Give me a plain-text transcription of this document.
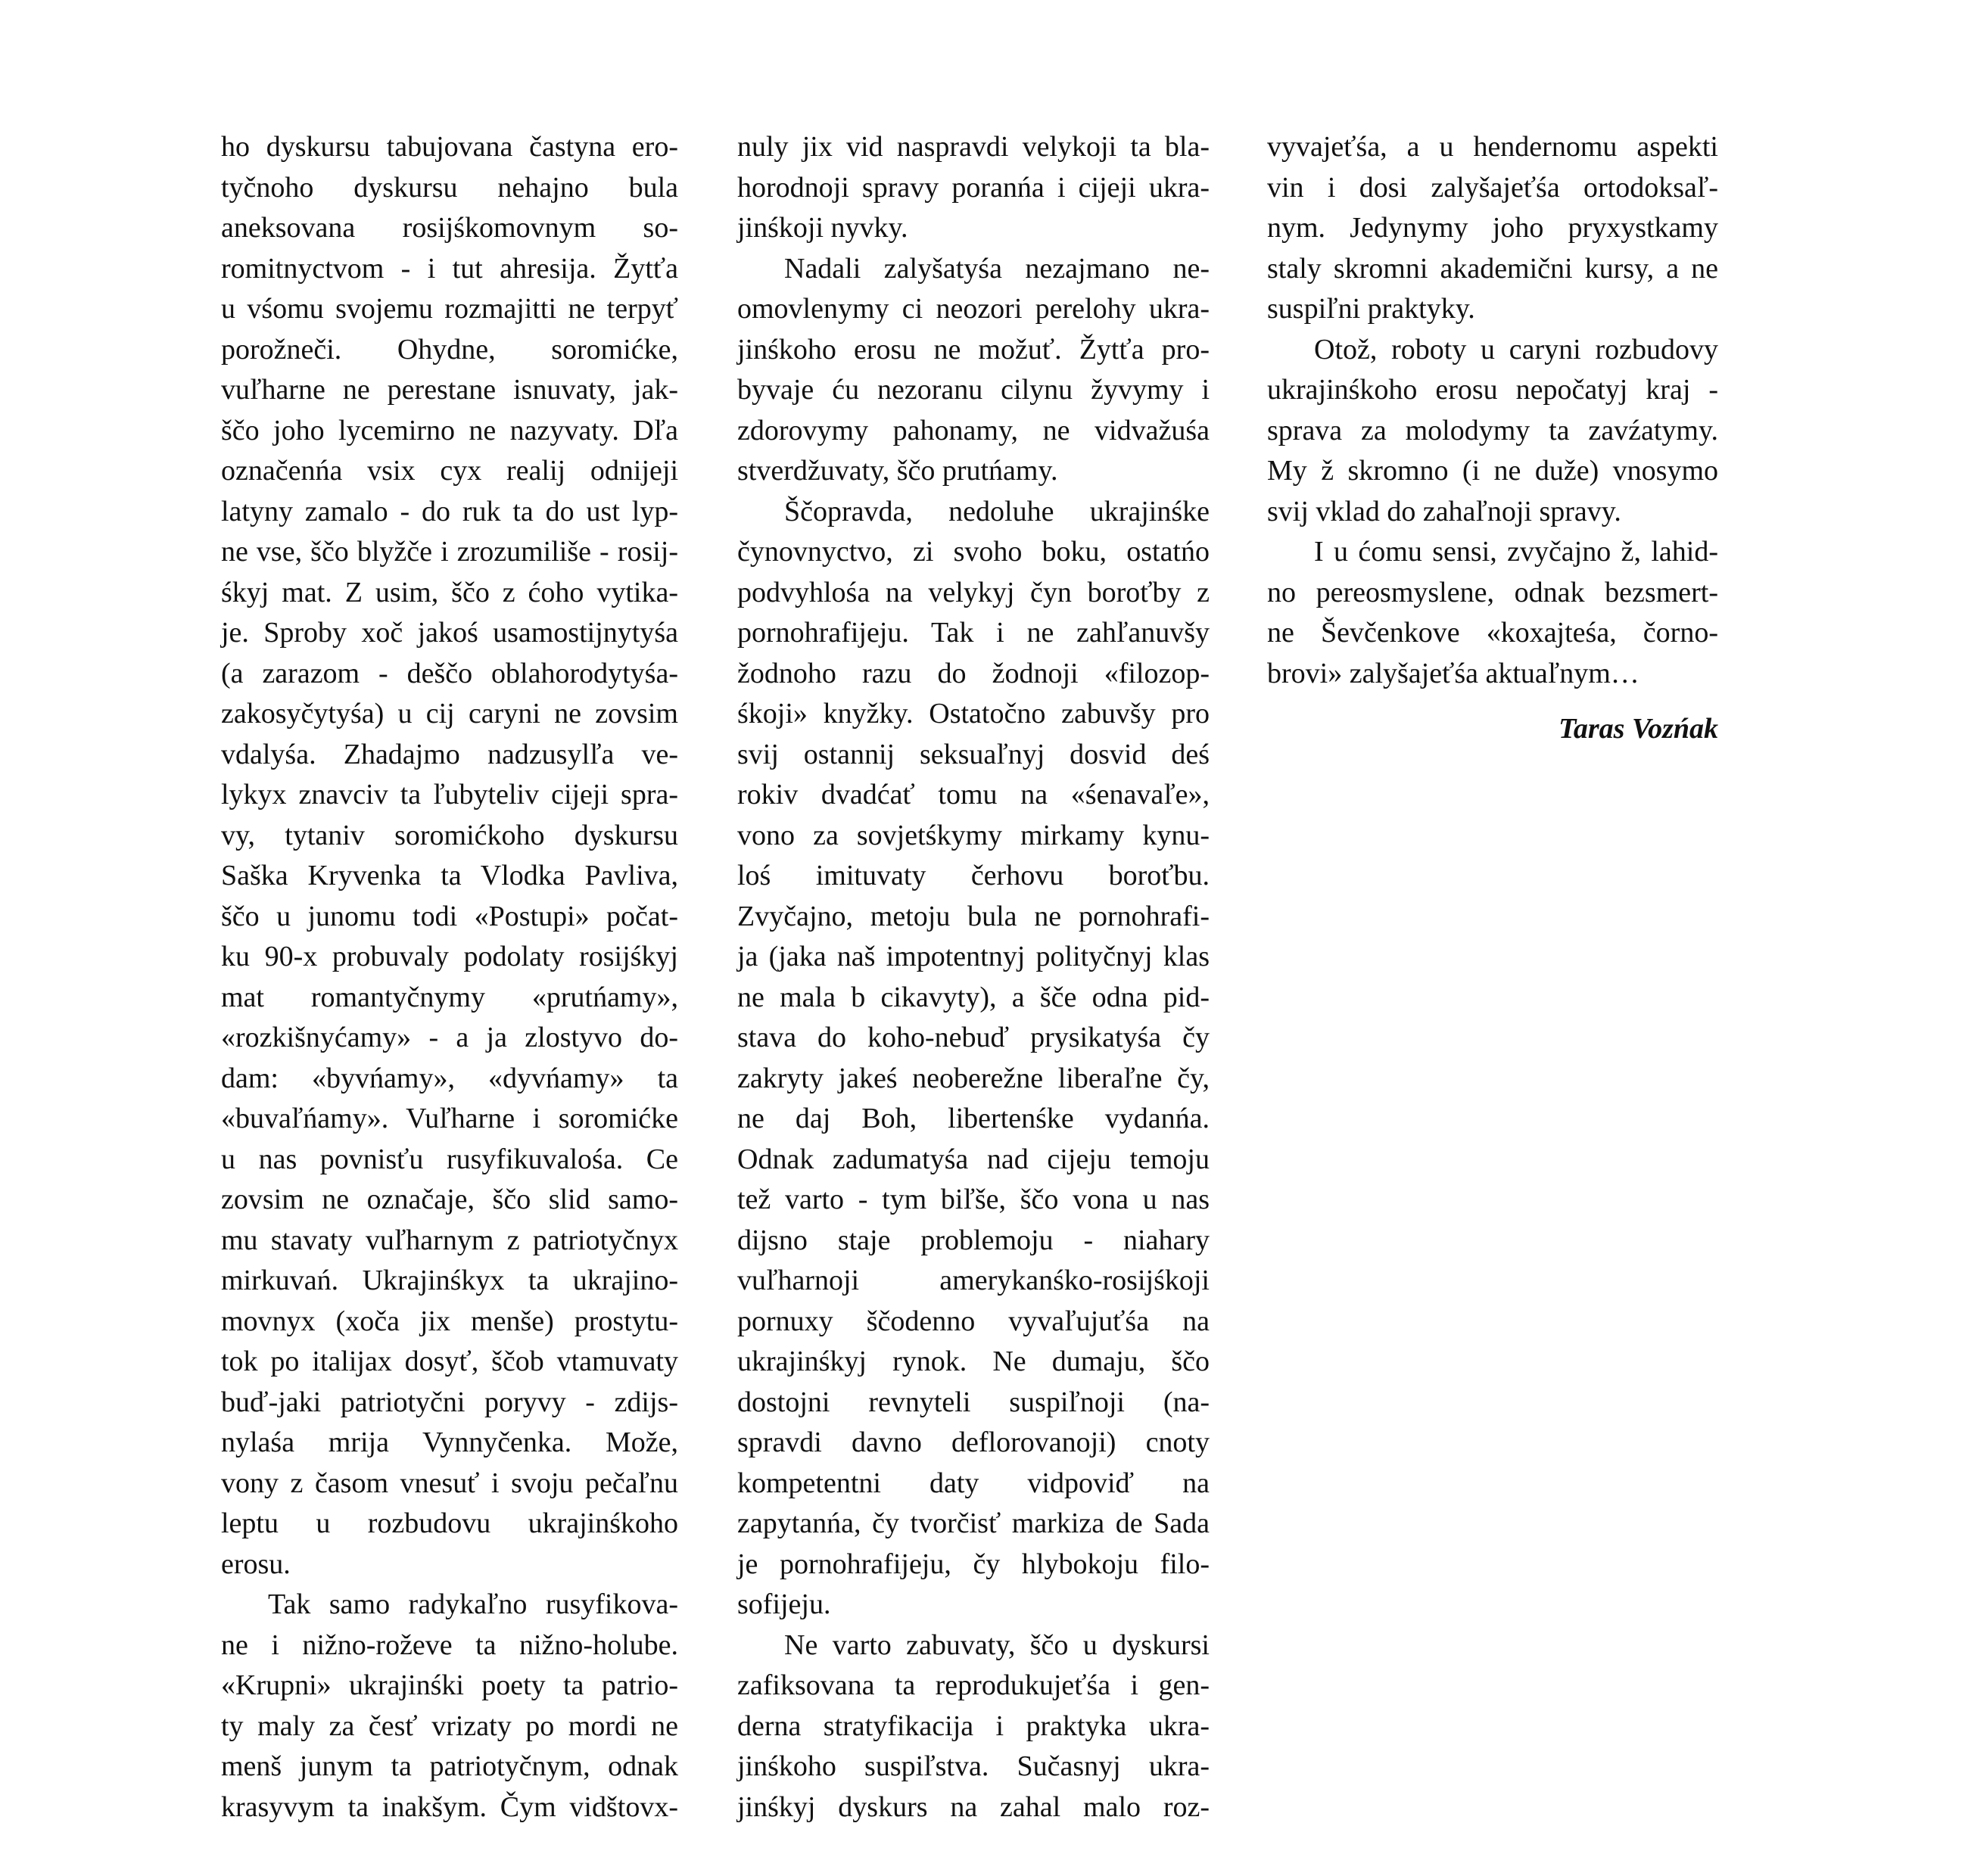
ho dyskursu tabujovana častyna ero-
tyčnoho dyskursu nehajno bula
aneksovana rosijśkomovnym so-
romitnyctvom - i tut ahresija. Žytťa
u vśomu svojemu rozmajitti ne terpyť
porožneči. Ohydne, soromićke,
vuľharne ne perestane isnuvaty, jak-
ščo joho lycemirno ne nazyvaty. Dľa
označenńa vsix cyx realij odnijeji
latyny zamalo - do ruk ta do ust lyp-
ne vse, ščo blyžče i zrozumiliše - rosij-
śkyj mat. Z usim, ščo z ćoho vytika-
je. Sproby xoč jakoś usamostijnytyśa
(a zarazom - deščo oblahorodytyśa-
zakosyčytyśa) u cij caryni ne zovsim
vdalyśa. Zhadajmo nadzusylľa ve-
lykyx znavciv ta ľubyteliv cijeji spra-
vy, tytaniv soromićkoho dyskursu
Saška Kryvenka ta Vlodka Pavliva,
ščo u junomu todi «Postupi» počat-
ku 90-x probuvaly podolaty rosijśkyj
mat romantyčnymy «prutńamy»,
«rozkišnyćamy» - a ja zlostyvo do-
dam: «byvńamy», «dyvńamy» ta
«buvaľńamy». Vuľharne i soromićke
u nas povnisťu rusyfikuvalośa. Ce
zovsim ne označaje, ščo slid samo-
mu stavaty vuľharnym z patriotyčnyx
mirkuvań. Ukrajinśkyx ta ukrajino-
movnyx (xoča jix menše) prostytu-
tok po italijax dosyť, ščob vtamuvaty
buď-jaki patriotyčni poryvy - zdijs-
nylaśa mrija Vynnyčenka. Može,
vony z časom vnesuť i svoju pečaľnu
leptu u rozbudovu ukrajinśkoho
erosu.
Tak samo radykaľno rusyfikova-
ne i nižno-roževe ta nižno-holube.
«Krupni» ukrajinśki poety ta patrio-
ty maly za česť vrizaty po mordi ne
menš junym ta patriotyčnym, odnak
krasyvym ta inakšym. Čym vidštovx-
nuly jix vid naspravdi velykoji ta bla-
horodnoji spravy poranńa i cijeji ukra-
jinśkoji nyvky.
Nadali zalyšatyśa nezajmano ne-
omovlenymy ci neozori perelohy ukra-
jinśkoho erosu ne možuť. Žytťa pro-
byvaje ću nezoranu cilynu žyvymy i
zdorovymy pahonamy, ne vidvažuśa
stverdžuvaty, ščo prutńamy.
Ščopravda, nedoluhe ukrajinśke
čynovnyctvo, zi svoho boku, ostatńo
podvyhlośa na velykyj čyn boroťby z
pornohrafijeju. Tak i ne zahľanuvšy
žodnoho razu do žodnoji «filozop-
śkoji» knyžky. Ostatočno zabuvšy pro
svij ostannij seksuaľnyj dosvid deś
rokiv dvadćať tomu na «śenavaľe»,
vono za sovjetśkymy mirkamy kynu-
loś imituvaty čerhovu boroťbu.
Zvyčajno, metoju bula ne pornohrafi-
ja (jaka naš impotentnyj polityčnyj klas
ne mala b cikavyty), a šče odna pid-
stava do koho-nebuď prysikatyśa čy
zakryty jakeś neoberežne liberaľne čy,
ne daj Boh, libertenśke vydanńa.
Odnak zadumatyśa nad cijeju temoju
tež varto - tym biľše, ščo vona u nas
dijsno staje problemoju - niahary
vuľharnoji amerykanśko-rosijśkoji
pornuxy ščodenno vyvaľujuťśa na
ukrajinśkyj rynok. Ne dumaju, ščo
dostojni revnyteli suspiľnoji (na-
spravdi davno deflorovanoji) cnoty
kompetentni daty vidpoviď na
zapytanńa, čy tvorčisť markiza de Sada
je pornohrafijeju, čy hlybokoju filo-
sofijeju.
Ne varto zabuvaty, ščo u dyskursi
zafiksovana ta reprodukujeťśa i gen-
derna stratyfikacija i praktyka ukra-
jinśkoho suspiľstva. Sučasnyj ukra-
jinśkyj dyskurs na zahal malo roz-
vyvajeťśa, a u hendernomu aspekti
vin i dosi zalyšajeťśa ortodoksaľ-
nym. Jedynymy joho pryxystkamy
staly skromni akademični kursy, a ne
suspiľni praktyky.
Otož, roboty u caryni rozbudovy
ukrajinśkoho erosu nepočatyj kraj -
sprava za molodymy ta zavźatymy.
My ž skromno (i ne duže) vnosymo
svij vklad do zahaľnoji spravy.
I u ćomu sensi, zvyčajno ž, lahid-
no pereosmyslene, odnak bezsmert-
ne Ševčenkove «koxajteśa, čorno-
brovi» zalyšajeťśa aktuaľnym…
Taras Vozńak
